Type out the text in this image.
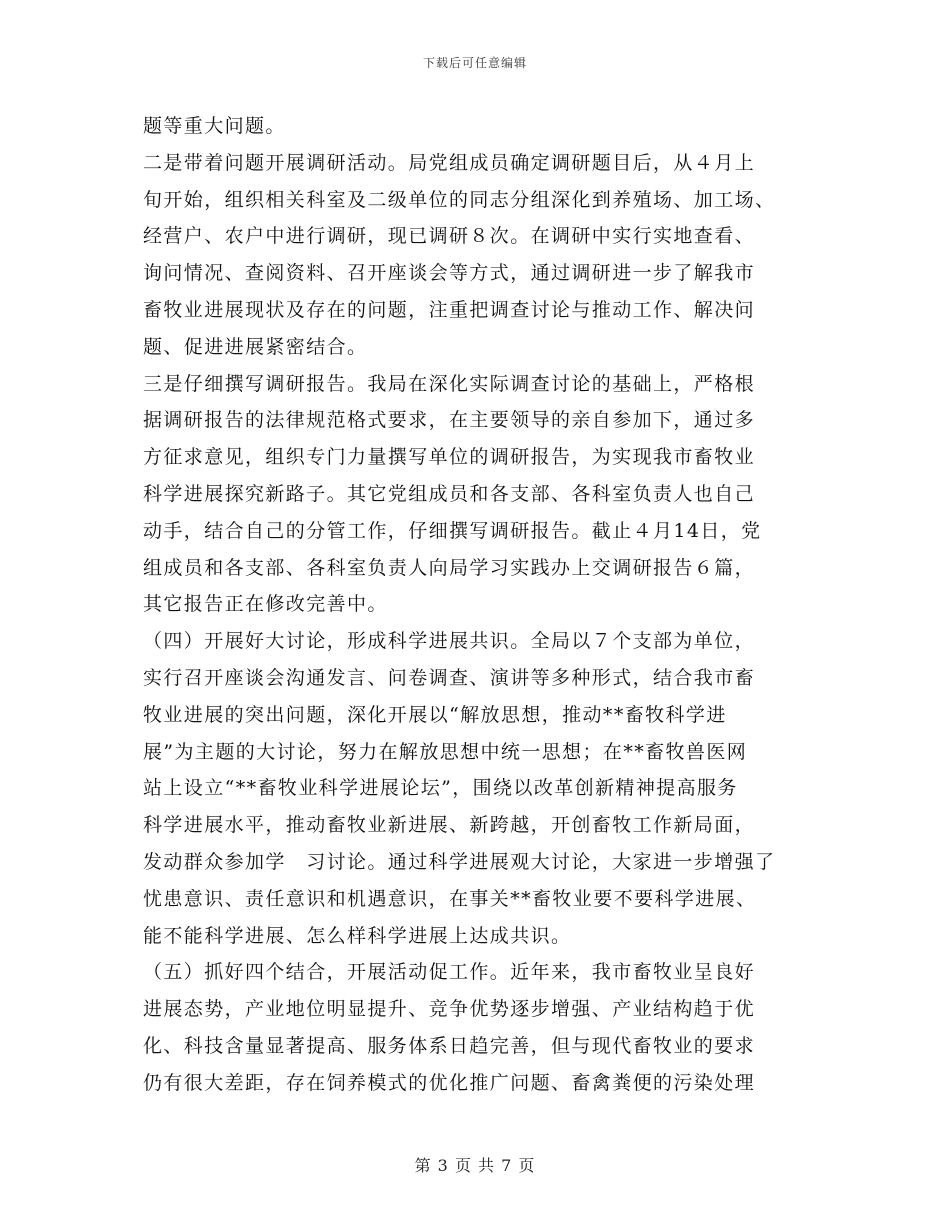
下载后可任意编辑
题等重大问题。
二是带着问题开展调研活动。局党组成员确定调研题目后，从４月上
旬开始，组织相关科室及二级单位的同志分组深化到养殖场、加工场、
经营户、农户中进行调研，现已调研８次。在调研中实行实地查看、
询问情况、查阅资料、召开座谈会等方式，通过调研进一步了解我市
畜牧业进展现状及存在的问题，注重把调查讨论与推动工作、解决问
题、促进进展紧密结合。
三是仔细撰写调研报告。我局在深化实际调查讨论的基础上，严格根
据调研报告的法律规范格式要求，在主要领导的亲自参加下，通过多
方征求意见，组织专门力量撰写单位的调研报告，为实现我市畜牧业
科学进展探究新路子。其它党组成员和各支部、各科室负责人也自己
动手，结合自己的分管工作，仔细撰写调研报告。截止４月14日，党
组成员和各支部、各科室负责人向局学习实践办上交调研报告６篇，
其它报告正在修改完善中。
（四）开展好大讨论，形成科学进展共识。全局以７个支部为单位，
实行召开座谈会沟通发言、问卷调查、演讲等多种形式，结合我市畜
牧业进展的突出问题，深化开展以“解放思想，推动**畜牧科学进
展”为主题的大讨论，努力在解放思想中统一思想；在**畜牧兽医网
站上设立“**畜牧业科学进展论坛”，围绕以改革创新精神提高服务
科学进展水平，推动畜牧业新进展、新跨越，开创畜牧工作新局面，
发动群众参加学　习讨论。通过科学进展观大讨论，大家进一步增强了
忧患意识、责任意识和机遇意识，在事关**畜牧业要不要科学进展、
能不能科学进展、怎么样科学进展上达成共识。
（五）抓好四个结合，开展活动促工作。近年来，我市畜牧业呈良好
进展态势，产业地位明显提升、竞争优势逐步增强、产业结构趋于优
化、科技含量显著提高、服务体系日趋完善，但与现代畜牧业的要求
仍有很大差距，存在饲养模式的优化推广问题、畜禽粪便的污染处理
第 3 页 共 7 页
